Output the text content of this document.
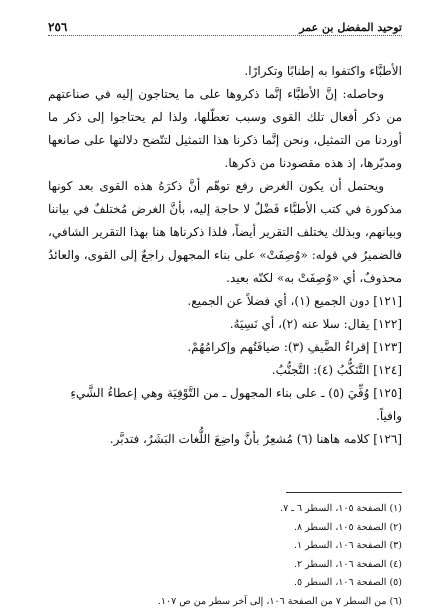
توحيد المفضل بن عمر
٢٥٦

الأطبَّاء واكتفوا به إطنابًا وتكرارًا.

وحاصله: إنَّ الأطبَّاء إنَّما ذكروها على ما يحتاجون إليه في صناعتهم من ذكر أفعال تلك القوى وسبب تعطّلها، ولذا لم يحتاجوا إلى ذكر ما أوردنا من التمثيل، ونحن إنَّما ذكرنا هذا التمثيل لتتّضح دلالتها على صانعها ومدبّرها، إذ هذه مقصودنا من ذكرها.

ويحتمل أن يكون الغرض رفع توهّم أنَّ ذكرَهُ هذه القوى بعد كونها مذكورة في كتب الأطبَّاء فَضْلٌ لا حاجة إليه، بأنَّ الغرض مُختلفٌ في بياننا وبيانهم، وبذلك يختلف التقرير أيضاً، فلذا ذكرناها هنا بهذا التقرير الشافي، فالضميرُ في قوله: «وُصِفَتْ» على بناء المجهول راجعٌ إلى القوى، والعائدُ محذوفٌ، أي «وُصِفَتْ به» لكنّه بعيد.

[١٢١] دون الجميع (١)، أي فضلاً عن الجميع.

[١٢٢] يقال: سلا عنه (٢)، أي نَسِيَهُ.

[١٢٣] إقراءُ الضَّيفِ (٣): ضيافَتُهم وإكرامُهُمْ.

[١٢٤] التَّنَكُّبُ (٤): التَّجنُّبُ.

[١٢٥] وُفِّيَ (٥) ـ على بناء المجهول ـ من التَّوْفِيَة وهي إعطاءُ الشَّيءِ وافياً.

[١٢٦] كلامه هاهنا (٦) مُشعِرٌ بأنَّ واضِعَ اللُّغات البَشَرُ، فتدبَّر.

(١) الصفحة ١٠٥، السطر ٦ ـ ٧.

(٢) الصفحة ١٠٥، السطر ٨.

(٣) الصفحة ١٠٦، السطر ١.

(٤) الصفحة ١٠٦، السطر ٢.

(٥) الصفحة ١٠٦، السطر ٥.

(٦) من السطر ٧ من الصفحة ١٠٦، إلى آخر سطر من ص ١٠٧.
